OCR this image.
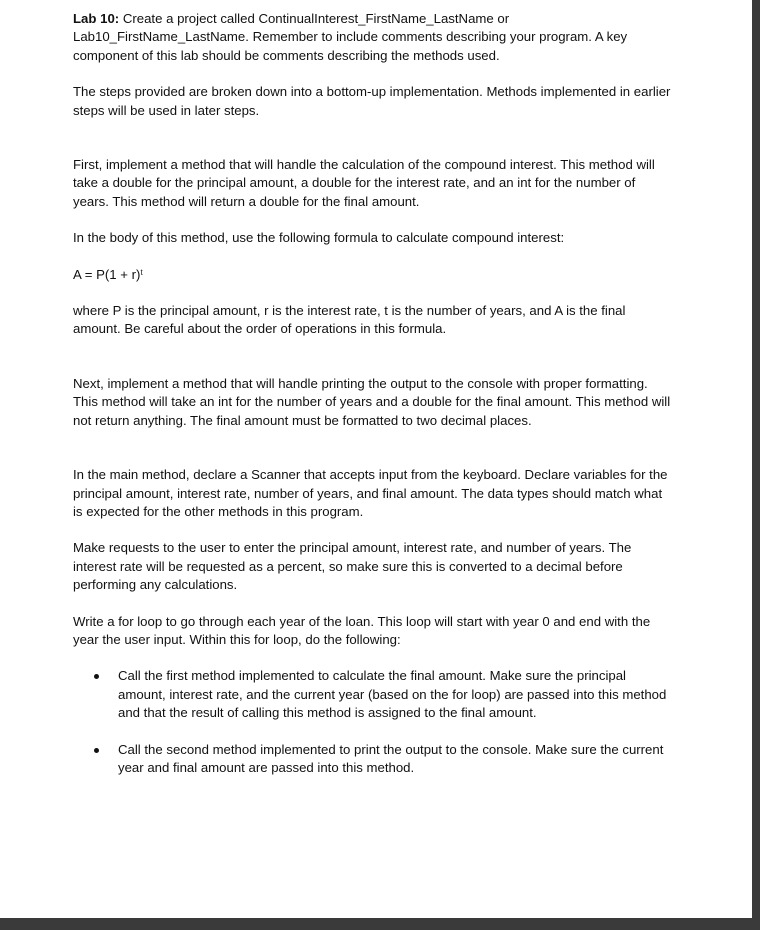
Lab 10: Create a project called ContinualInterest_FirstName_LastName or Lab10_FirstName_LastName. Remember to include comments describing your program. A key component of this lab should be comments describing the methods used.

The steps provided are broken down into a bottom-up implementation. Methods implemented in earlier steps will be used in later steps.

First, implement a method that will handle the calculation of the compound interest. This method will take a double for the principal amount, a double for the interest rate, and an int for the number of years. This method will return a double for the final amount.

In the body of this method, use the following formula to calculate compound interest:

$A = P(1 + r)^t$

where P is the principal amount, r is the interest rate, t is the number of years, and A is the final amount. Be careful about the order of operations in this formula.

Next, implement a method that will handle printing the output to the console with proper formatting. This method will take an int for the number of years and a double for the final amount. This method will not return anything. The final amount must be formatted to two decimal places.

In the main method, declare a Scanner that accepts input from the keyboard. Declare variables for the principal amount, interest rate, number of years, and final amount. The data types should match what is expected for the other methods in this program.

Make requests to the user to enter the principal amount, interest rate, and number of years. The interest rate will be requested as a percent, so make sure this is converted to a decimal before performing any calculations.

Write a for loop to go through each year of the loan. This loop will start with year 0 and end with the year the user input. Within this for loop, do the following:

Call the first method implemented to calculate the final amount. Make sure the principal amount, interest rate, and the current year (based on the for loop) are passed into this method and that the result of calling this method is assigned to the final amount.
Call the second method implemented to print the output to the console. Make sure the current year and final amount are passed into this method.
